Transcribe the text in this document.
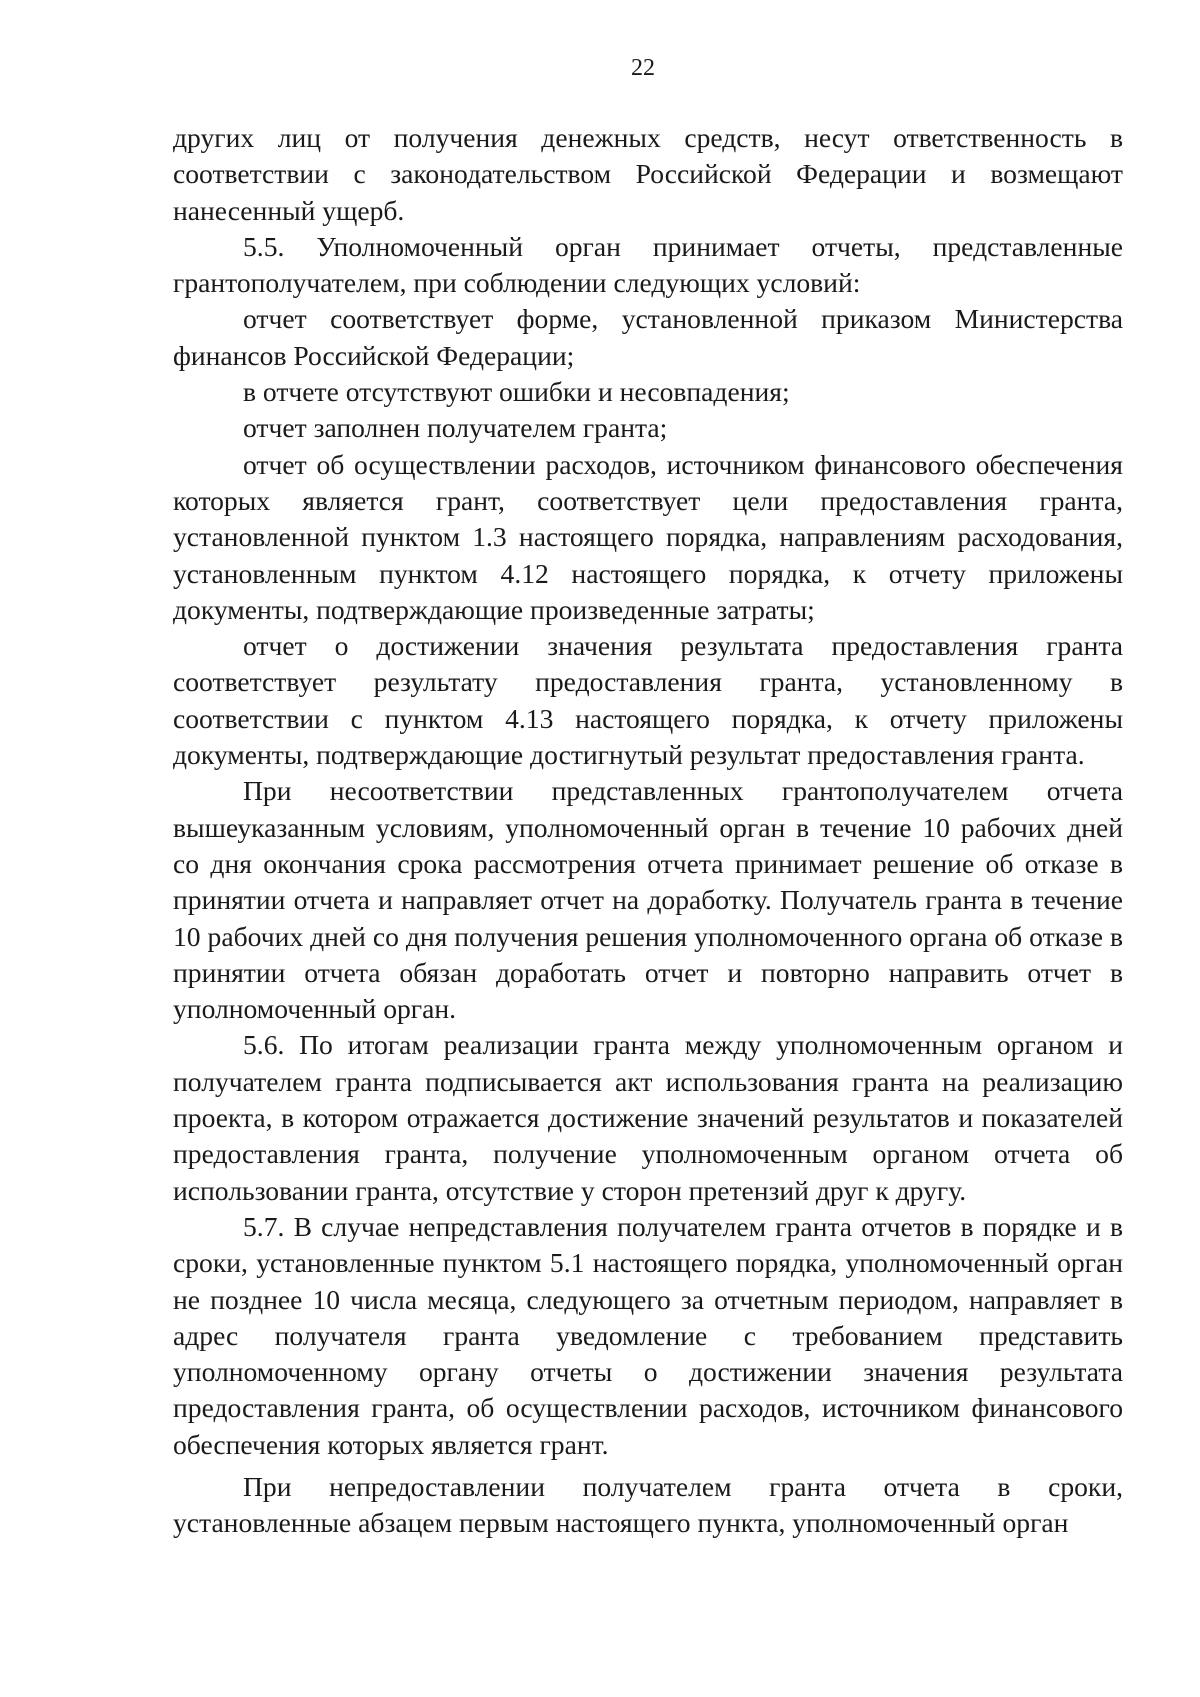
22

других лиц от получения денежных средств, несут ответственность в соответствии с законодательством Российской Федерации и возмещают нанесенный ущерб.

5.5. Уполномоченный орган принимает отчеты, представленные грантополучателем, при соблюдении следующих условий:

отчет соответствует форме, установленной приказом Министерства финансов Российской Федерации;

в отчете отсутствуют ошибки и несовпадения;

отчет заполнен получателем гранта;

отчет об осуществлении расходов, источником финансового обеспечения которых является грант, соответствует цели предоставления гранта, установленной пунктом 1.3 настоящего порядка, направлениям расходования, установленным пунктом 4.12 настоящего порядка, к отчету приложены документы, подтверждающие произведенные затраты;

отчет о достижении значения результата предоставления гранта соответствует результату предоставления гранта, установленному в соответствии с пунктом 4.13 настоящего порядка, к отчету приложены документы, подтверждающие достигнутый результат предоставления гранта.

При несоответствии представленных грантополучателем отчета вышеуказанным условиям, уполномоченный орган в течение 10 рабочих дней со дня окончания срока рассмотрения отчета принимает решение об отказе в принятии отчета и направляет отчет на доработку. Получатель гранта в течение 10 рабочих дней со дня получения решения уполномоченного органа об отказе в принятии отчета обязан доработать отчет и повторно направить отчет в уполномоченный орган.

5.6. По итогам реализации гранта между уполномоченным органом и получателем гранта подписывается акт использования гранта на реализацию проекта, в котором отражается достижение значений результатов и показателей предоставления гранта, получение уполномоченным органом отчета об использовании гранта, отсутствие у сторон претензий друг к другу.

5.7. В случае непредставления получателем гранта отчетов в порядке и в сроки, установленные пунктом 5.1 настоящего порядка, уполномоченный орган не позднее 10 числа месяца, следующего за отчетным периодом, направляет в адрес получателя гранта уведомление с требованием представить уполномоченному органу отчеты о достижении значения результата предоставления гранта, об осуществлении расходов, источником финансового обеспечения которых является грант.

При непредоставлении получателем гранта отчета в сроки, установленные абзацем первым настоящего пункта, уполномоченный орган
